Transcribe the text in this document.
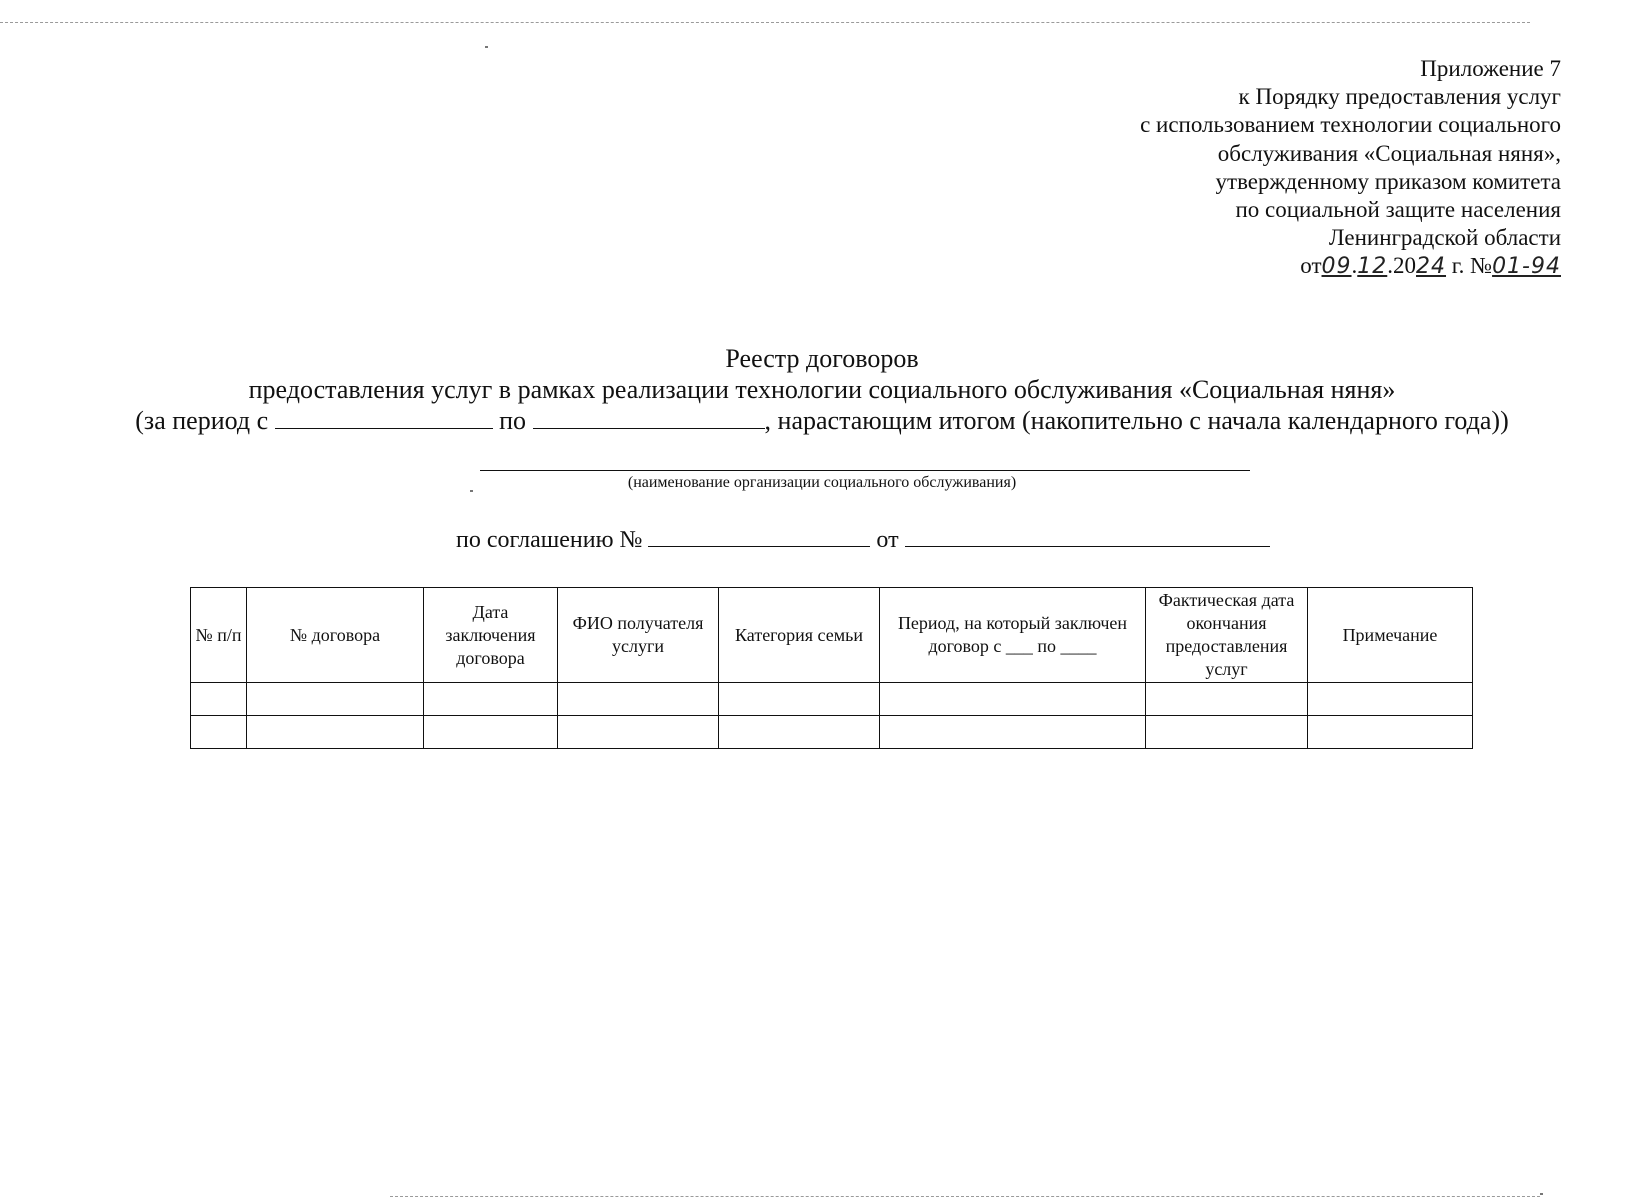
Приложение 7
к Порядку предоставления услуг
с использованием технологии социального
обслуживания «Социальная няня»,
утвержденному приказом комитета
по социальной защите населения
Ленинградской области
от09.12.2024 г. №01-94
Реестр договоров
предоставления услуг в рамках реализации технологии социального обслуживания «Социальная няня»
(за период с	по	, нарастающим итогом (накопительно с начала календарного года))
(наименование организации социального обслуживания)
по соглашению №	от
№ п/п	№ договора	Дата заключения договора	ФИО получателя услуги	Категория семьи	Период, на который заключен договор с ___ по ____	Фактическая дата окончания предоставления услуг	Примечание
